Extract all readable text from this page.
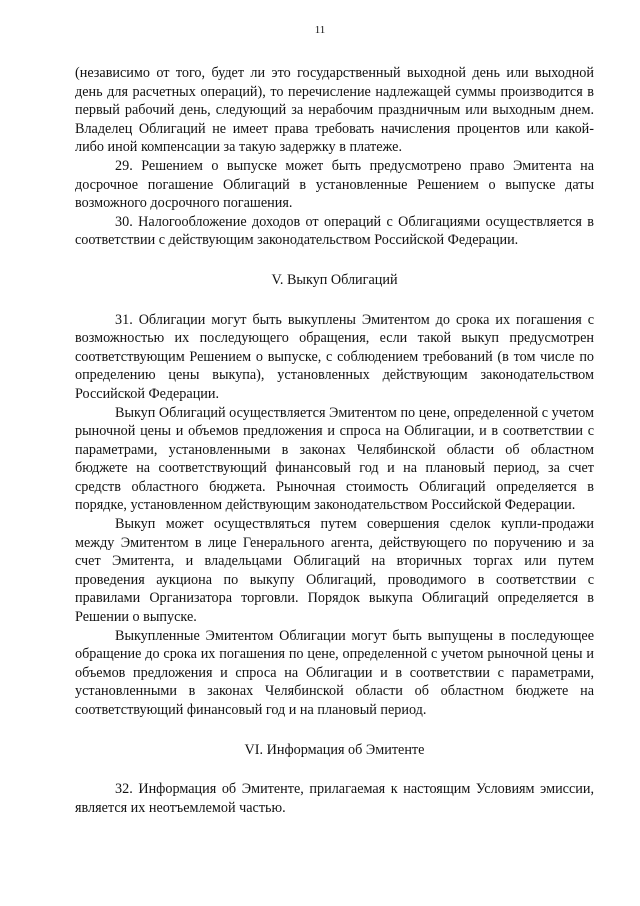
11

(независимо от того, будет ли это государственный выходной день или выходной день для расчетных операций), то перечисление надлежащей суммы производится в первый рабочий день, следующий за нерабочим праздничным или выходным днем. Владелец Облигаций не имеет права требовать начисления процентов или какой-либо иной компенсации за такую задержку в платеже.

29. Решением о выпуске может быть предусмотрено право Эмитента на досрочное погашение Облигаций в установленные Решением о выпуске даты возможного досрочного погашения.

30. Налогообложение доходов от операций с Облигациями осуществляется в соответствии с действующим законодательством Российской Федерации.

V. Выкуп Облигаций

31. Облигации могут быть выкуплены Эмитентом до срока их погашения с возможностью их последующего обращения, если такой выкуп предусмотрен соответствующим Решением о выпуске, с соблюдением требований (в том числе по определению цены выкупа), установленных действующим законодательством Российской Федерации.

Выкуп Облигаций осуществляется Эмитентом по цене, определенной с учетом рыночной цены и объемов предложения и спроса на Облигации, и в соответствии с параметрами, установленными в законах Челябинской области об областном бюджете на соответствующий финансовый год и на плановый период, за счет средств областного бюджета. Рыночная стоимость Облигаций определяется в порядке, установленном действующим законодательством Российской Федерации.

Выкуп может осуществляться путем совершения сделок купли-продажи между Эмитентом в лице Генерального агента, действующего по поручению и за счет Эмитента, и владельцами Облигаций на вторичных торгах или путем проведения аукциона по выкупу Облигаций, проводимого в соответствии с правилами Организатора торговли. Порядок выкупа Облигаций определяется в Решении о выпуске.

Выкупленные Эмитентом Облигации могут быть выпущены в последующее обращение до срока их погашения по цене, определенной с учетом рыночной цены и объемов предложения и спроса на Облигации и в соответствии с параметрами, установленными в законах Челябинской области об областном бюджете на соответствующий финансовый год и на плановый период.

VI. Информация об Эмитенте

32. Информация об Эмитенте, прилагаемая к настоящим Условиям эмиссии, является их неотъемлемой частью.
